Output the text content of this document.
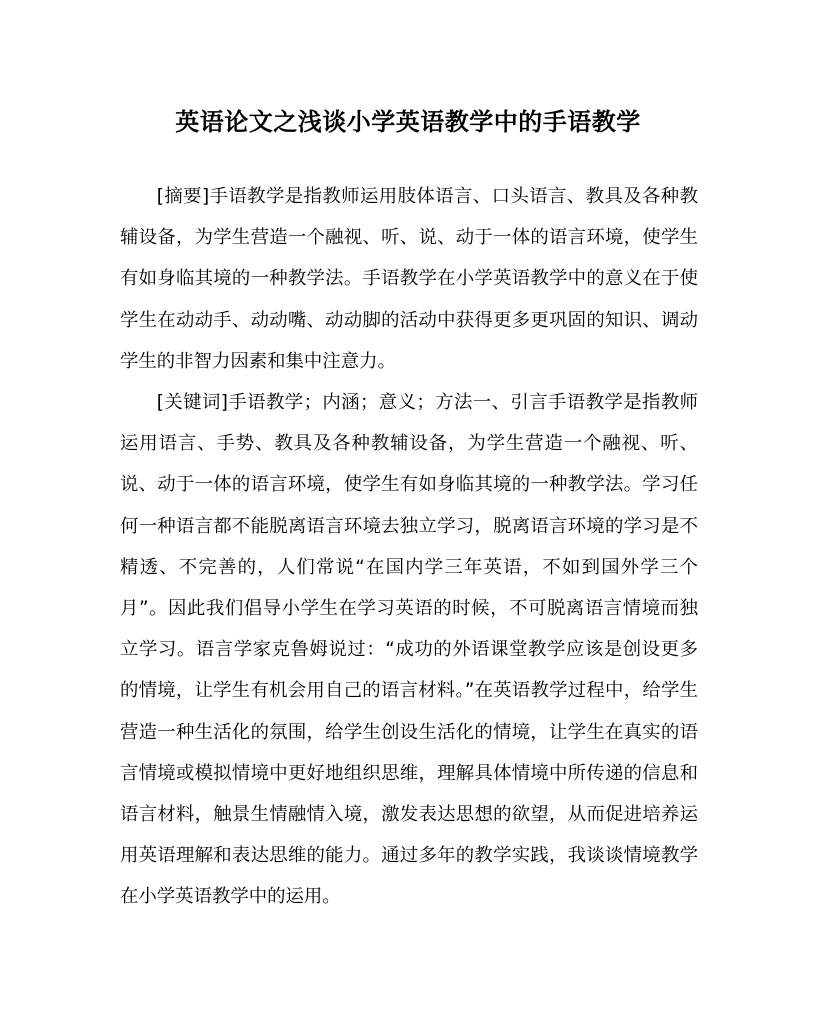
英语论文之浅谈小学英语教学中的手语教学

[摘要]手语教学是指教师运用肢体语言、口头语言、教具及各种教辅设备，为学生营造一个融视、听、说、动于一体的语言环境，使学生有如身临其境的一种教学法。手语教学在小学英语教学中的意义在于使学生在动动手、动动嘴、动动脚的活动中获得更多更巩固的知识、调动学生的非智力因素和集中注意力。

[关键词]手语教学；内涵；意义；方法一、引言手语教学是指教师运用语言、手势、教具及各种教辅设备，为学生营造一个融视、听、说、动于一体的语言环境，使学生有如身临其境的一种教学法。学习任何一种语言都不能脱离语言环境去独立学习，脱离语言环境的学习是不精透、不完善的，人们常说“在国内学三年英语，不如到国外学三个月”。因此我们倡导小学生在学习英语的时候，不可脱离语言情境而独立学习。语言学家克鲁姆说过：“成功的外语课堂教学应该是创设更多的情境，让学生有机会用自己的语言材料。”在英语教学过程中，给学生营造一种生活化的氛围，给学生创设生活化的情境，让学生在真实的语言情境或模拟情境中更好地组织思维，理解具体情境中所传递的信息和语言材料，触景生情融情入境，激发表达思想的欲望，从而促进培养运用英语理解和表达思维的能力。通过多年的教学实践，我谈谈情境教学在小学英语教学中的运用。
